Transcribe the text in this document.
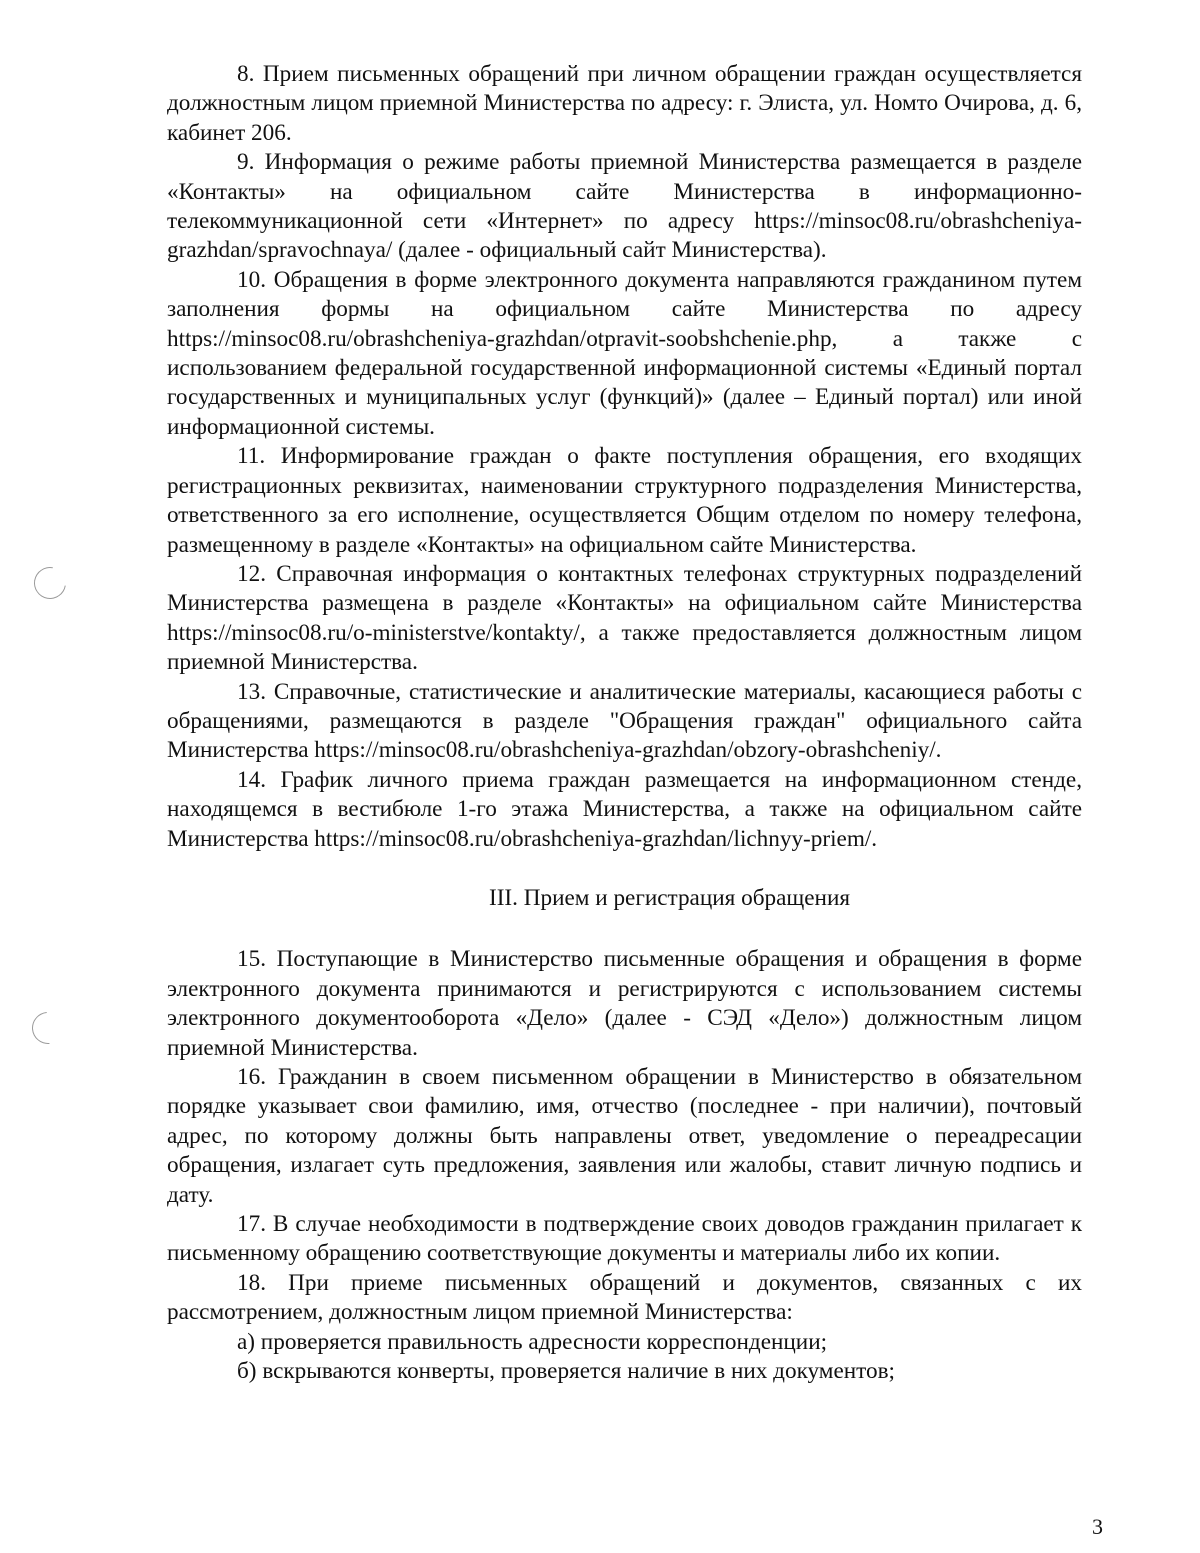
8. Прием письменных обращений при личном обращении граждан осуществляется должностным лицом приемной Министерства по адресу: г. Элиста, ул. Номто Очирова, д. 6, кабинет 206.

9. Информация о режиме работы приемной Министерства размещается в разделе «Контакты» на официальном сайте Министерства в информационно-телекоммуникационной сети «Интернет» по адресу https://minsoc08.ru/obrashcheniya-grazhdan/spravochnaya/ (далее - официальный сайт Министерства).

10. Обращения в форме электронного документа направляются гражданином путем заполнения формы на официальном сайте Министерства по адресу https://minsoc08.ru/obrashcheniya-grazhdan/otpravit-soobshchenie.php, а также с использованием федеральной государственной информационной системы «Единый портал государственных и муниципальных услуг (функций)» (далее – Единый портал) или иной информационной системы.

11. Информирование граждан о факте поступления обращения, его входящих регистрационных реквизитах, наименовании структурного подразделения Министерства, ответственного за его исполнение, осуществляется Общим отделом по номеру телефона, размещенному в разделе «Контакты» на официальном сайте Министерства.

12. Справочная информация о контактных телефонах структурных подразделений Министерства размещена в разделе «Контакты» на официальном сайте Министерства https://minsoc08.ru/o-ministerstve/kontakty/, а также предоставляется должностным лицом приемной Министерства.

13. Справочные, статистические и аналитические материалы, касающиеся работы с обращениями, размещаются в разделе "Обращения граждан" официального сайта Министерства https://minsoc08.ru/obrashcheniya-grazhdan/obzory-obrashcheniy/.

14. График личного приема граждан размещается на информационном стенде, находящемся в вестибюле 1-го этажа Министерства, а также на официальном сайте Министерства https://minsoc08.ru/obrashcheniya-grazhdan/lichnyy-priem/.

III. Прием и регистрация обращения

15. Поступающие в Министерство письменные обращения и обращения в форме электронного документа принимаются и регистрируются с использованием системы электронного документооборота «Дело» (далее - СЭД «Дело») должностным лицом приемной Министерства.

16. Гражданин в своем письменном обращении в Министерство в обязательном порядке указывает свои фамилию, имя, отчество (последнее - при наличии), почтовый адрес, по которому должны быть направлены ответ, уведомление о переадресации обращения, излагает суть предложения, заявления или жалобы, ставит личную подпись и дату.

17. В случае необходимости в подтверждение своих доводов гражданин прилагает к письменному обращению соответствующие документы и материалы либо их копии.

18. При приеме письменных обращений и документов, связанных с их рассмотрением, должностным лицом приемной Министерства:

а) проверяется правильность адресности корреспонденции;

б) вскрываются конверты, проверяется наличие в них документов;

3
